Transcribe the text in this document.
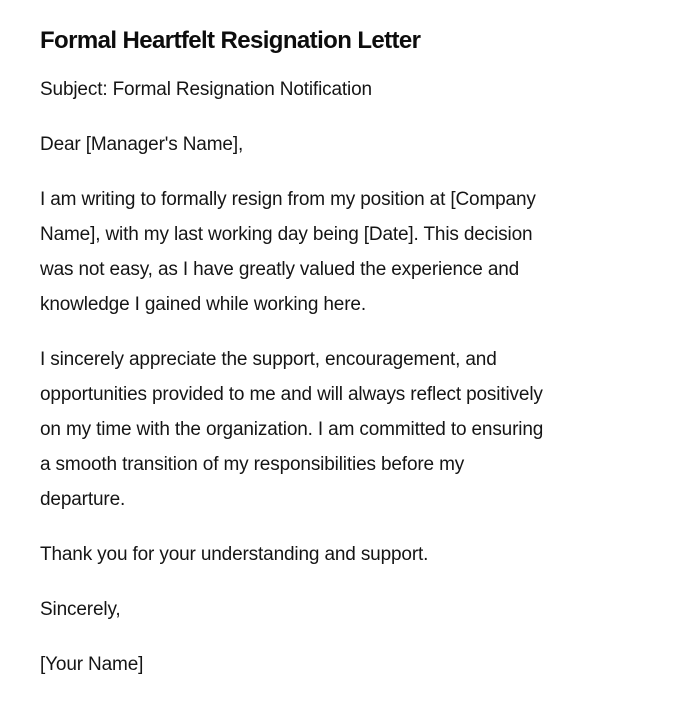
Formal Heartfelt Resignation Letter

Subject: Formal Resignation Notification

Dear [Manager's Name],

I am writing to formally resign from my position at [Company
Name], with my last working day being [Date]. This decision
was not easy, as I have greatly valued the experience and
knowledge I gained while working here.

I sincerely appreciate the support, encouragement, and
opportunities provided to me and will always reflect positively
on my time with the organization. I am committed to ensuring
a smooth transition of my responsibilities before my
departure.

Thank you for your understanding and support.

Sincerely,

[Your Name]
